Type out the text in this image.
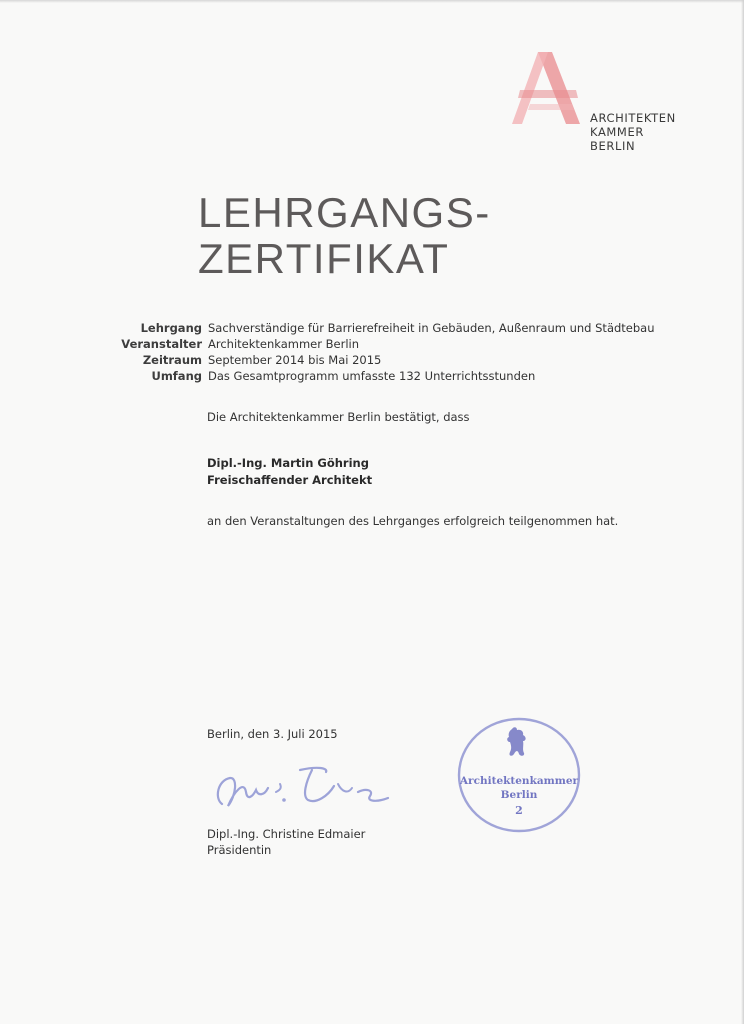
ARCHITEKTEN
KAMMER
BERLIN
LEHRGANGS-
ZERTIFIKAT
Lehrgang Sachverständige für Barrierefreiheit in Gebäuden, Außenraum und Städtebau
Veranstalter Architektenkammer Berlin
Zeitraum September 2014 bis Mai 2015
Umfang Das Gesamtprogramm umfasste 132 Unterrichtsstunden
Die Architektenkammer Berlin bestätigt, dass
Dipl.-Ing. Martin Göhring
Freischaffender Architekt
an den Veranstaltungen des Lehrganges erfolgreich teilgenommen hat.
Berlin, den 3. Juli 2015
Dipl.-Ing. Christine Edmaier
Präsidentin
Architektenkammer
Berlin
2
